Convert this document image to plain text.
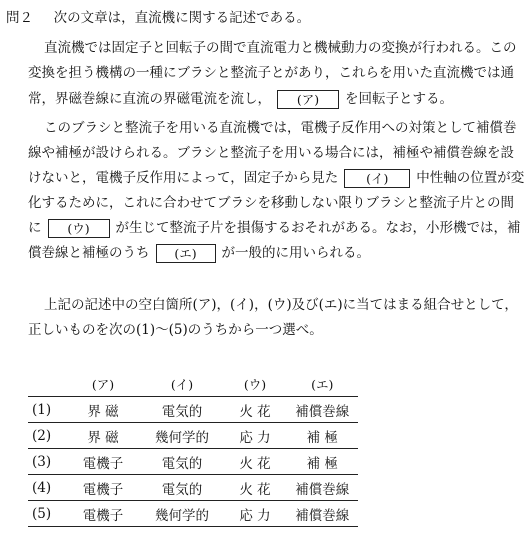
問２ 次の文章は，直流機に関する記述である。
直流機では固定子と回転子の間で直流電力と機械動力の変換が行われる。この
変換を担う機構の一種にブラシと整流子とがあり，これらを用いた直流機では通
常，界磁巻線に直流の界磁電流を流し， (ア) を回転子とする。
このブラシと整流子を用いる直流機では，電機子反作用への対策として補償巻
線や補極が設けられる。ブラシと整流子を用いる場合には，補極や補償巻線を設
けないと，電機子反作用によって，固定子から見た (イ) 中性軸の位置が変
化するために，これに合わせてブラシを移動しない限りブラシと整流子片との間
に (ウ) が生じて整流子片を損傷するおそれがある。なお，小形機では，補
償巻線と補極のうち (エ) が一般的に用いられる。
上記の記述中の空白箇所(ア)，(イ)，(ウ)及び(エ)に当てはまる組合せとして，
正しいものを次の(1)～(5)のうちから一つ選べ。
	(ア)	(イ)	(ウ)	(エ)
(1)	界 磁	電気的	火 花	補償巻線
(2)	界 磁	幾何学的	応 力	補 極
(3)	電機子	電気的	火 花	補 極
(4)	電機子	電気的	火 花	補償巻線
(5)	電機子	幾何学的	応 力	補償巻線
